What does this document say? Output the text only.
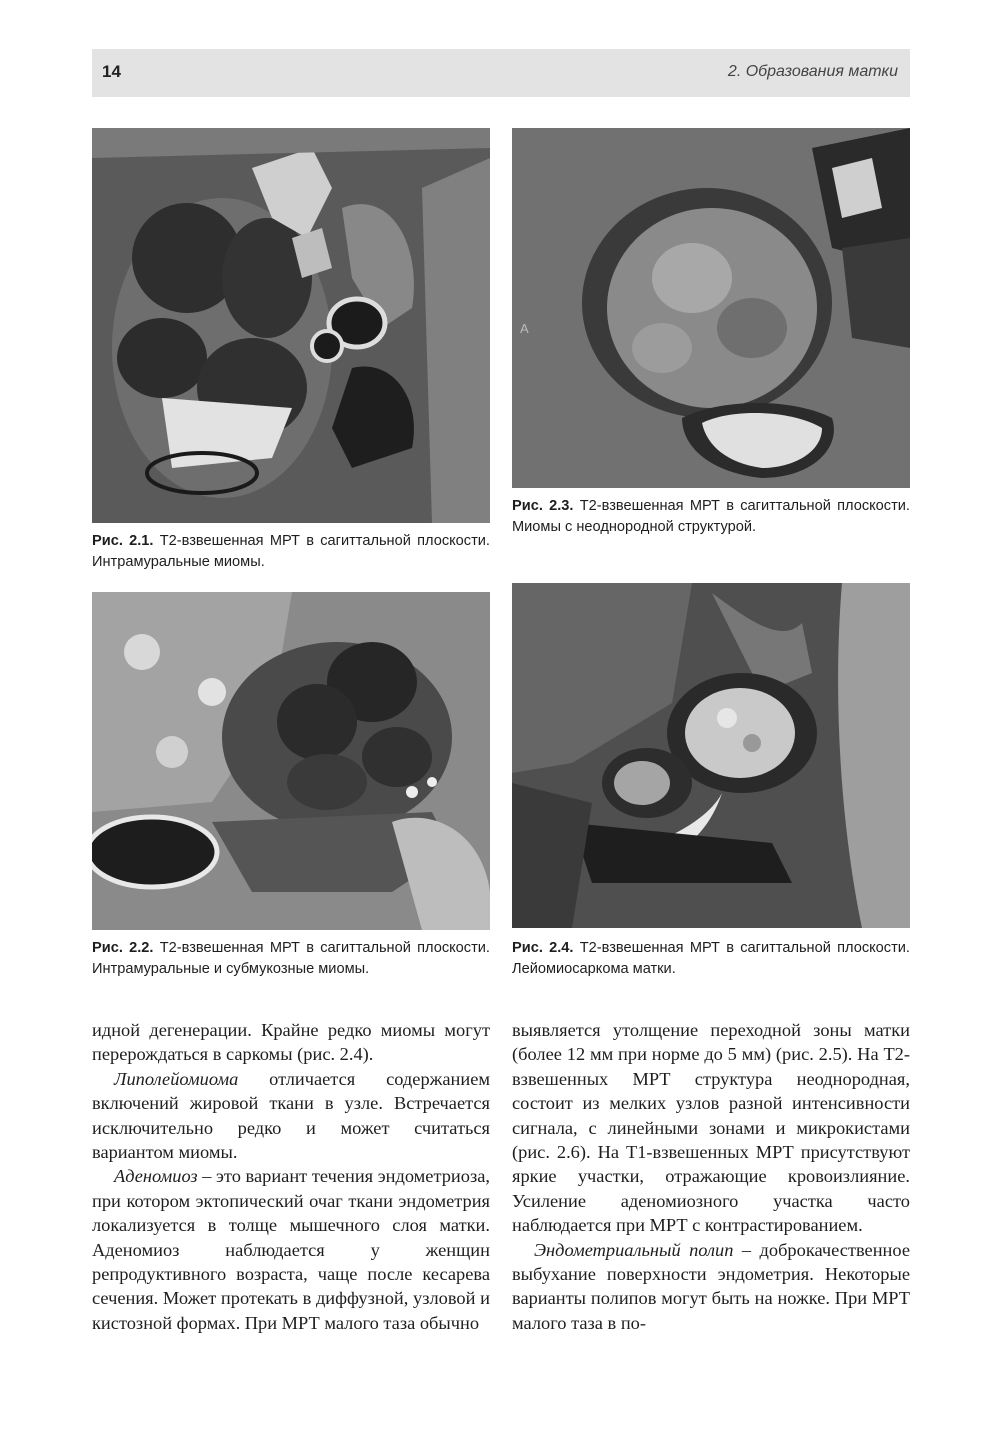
14	2. Образования матки
Рис. 2.1. Т2-взвешенная МРТ в сагиттальной плоскости. Интрамуральные миомы.
A
Рис. 2.3. Т2-взвешенная МРТ в сагиттальной плоскости. Миомы с неоднородной структурой.
Рис. 2.2. Т2-взвешенная МРТ в сагиттальной плоскости. Интрамуральные и субмукозные миомы.
Рис. 2.4. Т2-взвешенная МРТ в сагиттальной плоскости. Лейомиосаркома матки.

идной дегенерации. Крайне редко миомы могут перерождаться в саркомы (рис. 2.4).

Липолейомиома отличается содержанием включений жировой ткани в узле. Встречается исключительно редко и может считаться вариантом миомы.

Аденомиоз – это вариант течения эндометриоза, при котором эктопический очаг ткани эндометрия локализуется в толще мышечного слоя матки. Аденомиоз наблюдается у женщин репродуктивного возраста, чаще после кесарева сечения. Может протекать в диффузной, узловой и кистозной формах. При МРТ малого таза обычно

выявляется утолщение переходной зоны матки (более 12 мм при норме до 5 мм) (рис. 2.5). На Т2-взвешенных МРТ структура неоднородная, состоит из мелких узлов разной интенсивности сигнала, с линейными зонами и микрокистами (рис. 2.6). На Т1-взвешенных МРТ присутствуют яркие участки, отражающие кровоизлияние. Усиление аденомиозного участка часто наблюдается при МРТ с контрастированием.

Эндометриальный полип – доброкачественное выбухание поверхности эндометрия. Некоторые варианты полипов могут быть на ножке. При МРТ малого таза в по-
